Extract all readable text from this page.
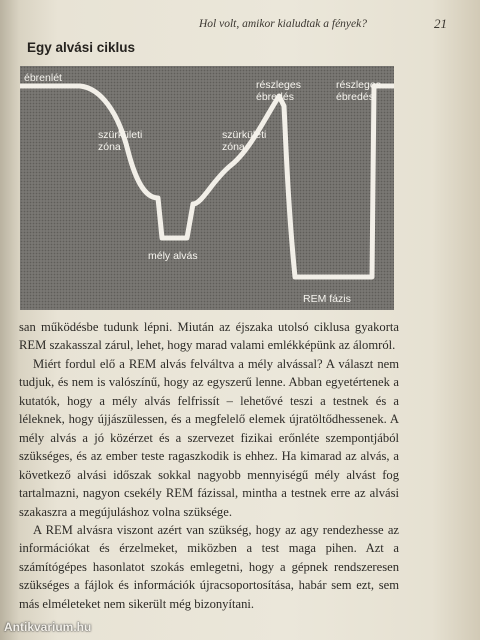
Hol volt, amikor kialudtak a fények?	21
Egy alvási ciklus
ébrenlét
szürkületi zóna
szürkületi zóna
mély alvás
részleges ébredés
részleges ébredés
REM fázis

san működésbe tudunk lépni. Miután az éjszaka utolsó ciklusa gyakorta REM szakasszal zárul, lehet, hogy marad valami emlékképünk az álomról.

Miért fordul elő a REM alvás felváltva a mély alvással? A választ nem tudjuk, és nem is valószínű, hogy az egyszerű lenne. Abban egyetértenek a kutatók, hogy a mély alvás felfrissít – lehetővé teszi a testnek és a léleknek, hogy újjászülessen, és a megfelelő elemek újratöltődhessenek. A mély alvás a jó közérzet és a szervezet fizikai erőnléte szempontjából szükséges, és az ember teste ragaszkodik is ehhez. Ha kimarad az alvás, a következő alvási időszak sokkal nagyobb mennyiségű mély alvást fog tartalmazni, nagyon csekély REM fázissal, mintha a testnek erre az alvási szakaszra a megújuláshoz volna szüksége.

A REM alvásra viszont azért van szükség, hogy az agy rendezhesse az információkat és érzelmeket, miközben a test maga pihen. Azt a számítógépes hasonlatot szokás emlegetni, hogy a gépnek rendszeresen szükséges a fájlok és információk újracsoportosítása, habár sem ezt, sem más elméleteket nem sikerült még bizonyítani.

Antikvarium.hu
